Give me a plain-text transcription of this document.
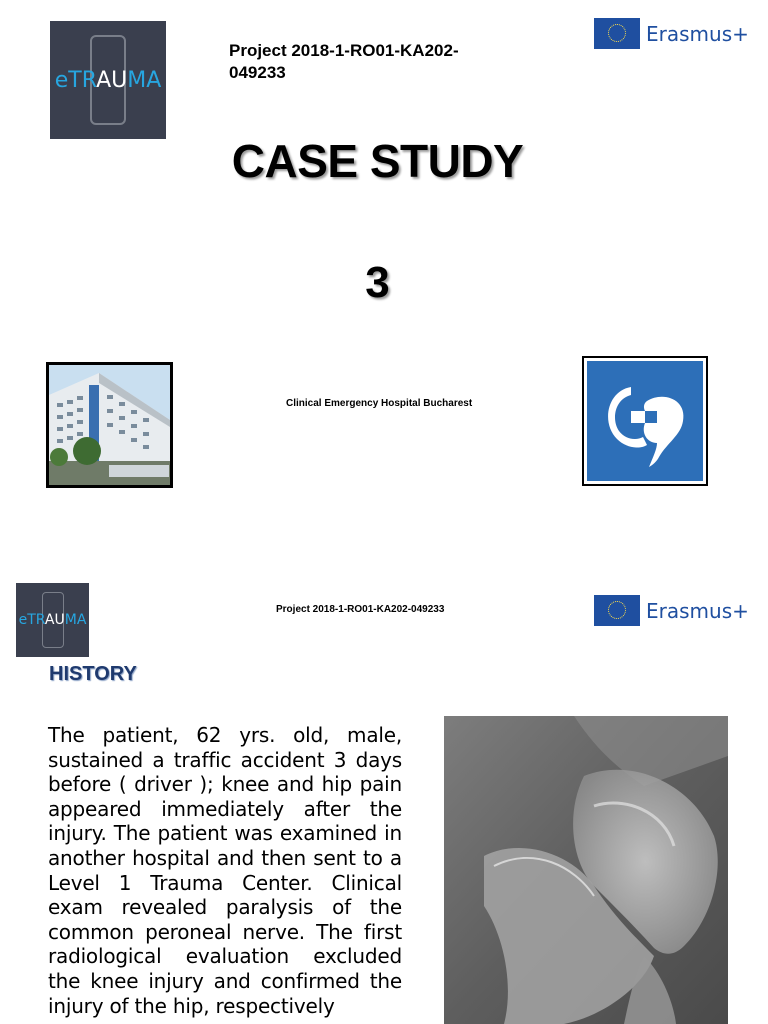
eTRAUMA
Project 2018-1-RO01-KA202-049233
Erasmus+
CASE STUDY
3
Clinical Emergency Hospital Bucharest
eTRAUMA
Project 2018-1-RO01-KA202-049233	Erasmus+
HISTORY
The patient, 62 yrs. old, male, sustained a traffic accident 3 days before ( driver ); knee and hip pain appeared immediately after the injury. The patient was examined in another hospital and then sent to a Level 1 Trauma Center. Clinical exam revealed paralysis of the common peroneal nerve. The first radiological evaluation excluded the knee injury and confirmed the injury of the hip, respectively
